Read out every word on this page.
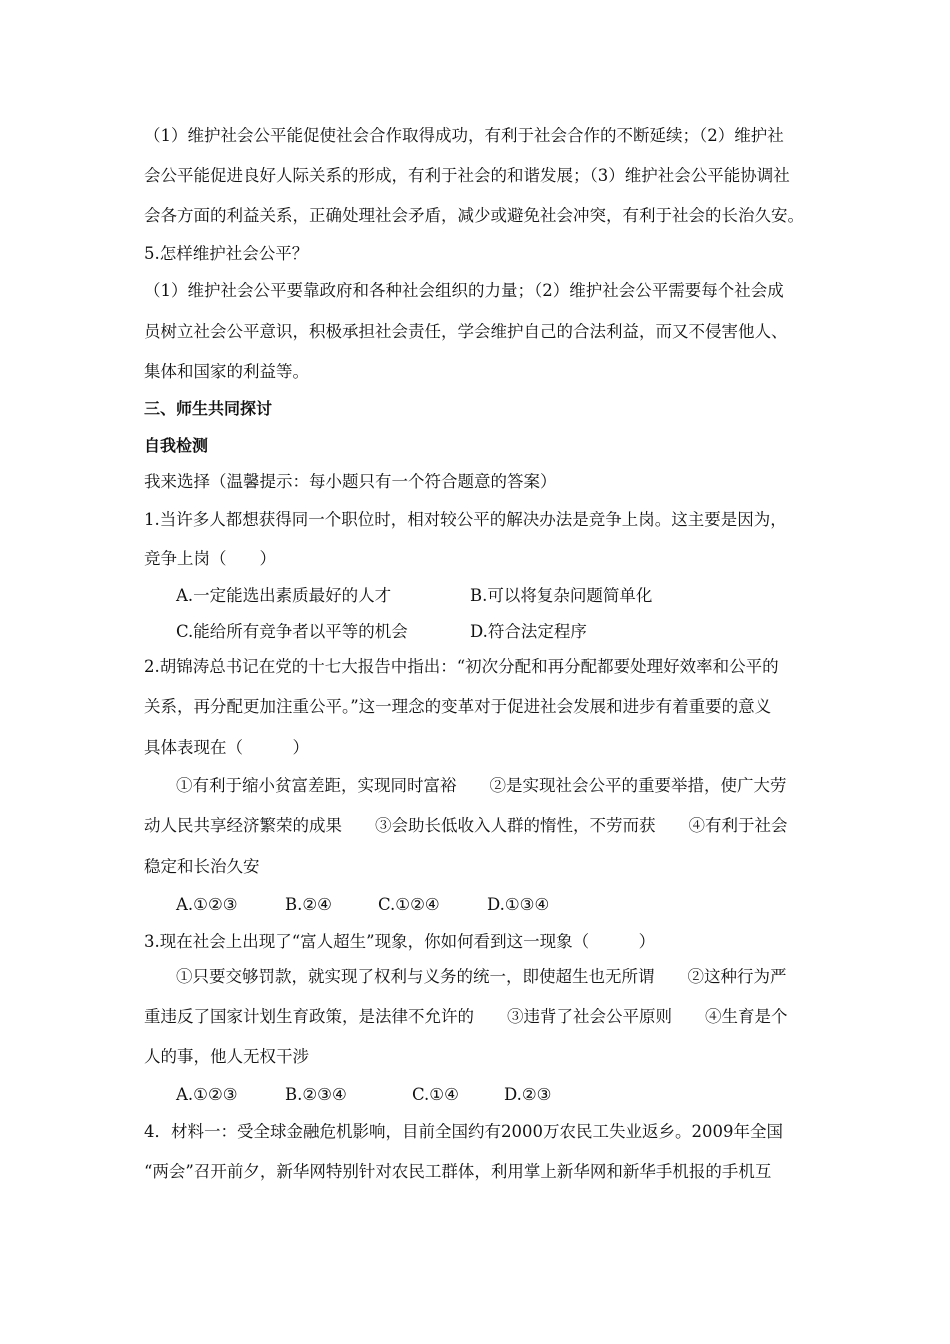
（1）维护社会公平能促使社会合作取得成功，有利于社会合作的不断延续；（2）维护社
会公平能促进良好人际关系的形成，有利于社会的和谐发展；（3）维护社会公平能协调社
会各方面的利益关系，正确处理社会矛盾，减少或避免社会冲突，有利于社会的长治久安。
5.怎样维护社会公平？
（1）维护社会公平要靠政府和各种社会组织的力量；（2）维护社会公平需要每个社会成
员树立社会公平意识，积极承担社会责任，学会维护自己的合法利益，而又不侵害他人、
集体和国家的利益等。
三、师生共同探讨
自我检测
我来选择（温馨提示：每小题只有一个符合题意的答案）
1.当许多人都想获得同一个职位时，相对较公平的解决办法是竞争上岗。这主要是因为，
竞争上岗（　　）
A.一定能选出素质最好的人才	B.可以将复杂问题简单化
C.能给所有竞争者以平等的机会	D.符合法定程序
2.胡锦涛总书记在党的十七大报告中指出：“初次分配和再分配都要处理好效率和公平的
关系，再分配更加注重公平。”这一理念的变革对于促进社会发展和进步有着重要的意义
具体表现在（　　　）
①有利于缩小贫富差距，实现同时富裕　　②是实现社会公平的重要举措，使广大劳
动人民共享经济繁荣的成果　　③会助长低收入人群的惰性，不劳而获　　④有利于社会
稳定和长治久安
A.①②③	B.②④	C.①②④	D.①③④
3.现在社会上出现了“富人超生”现象，你如何看到这一现象（　　　）
①只要交够罚款，就实现了权利与义务的统一，即使超生也无所谓　　②这种行为严
重违反了国家计划生育政策，是法律不允许的　　③违背了社会公平原则　　④生育是个
人的事，他人无权干涉
A.①②③	B.②③④	C.①④	D.②③
4．材料一：受全球金融危机影响，目前全国约有2000万农民工失业返乡。2009年全国
“两会”召开前夕，新华网特别针对农民工群体，利用掌上新华网和新华手机报的手机互
